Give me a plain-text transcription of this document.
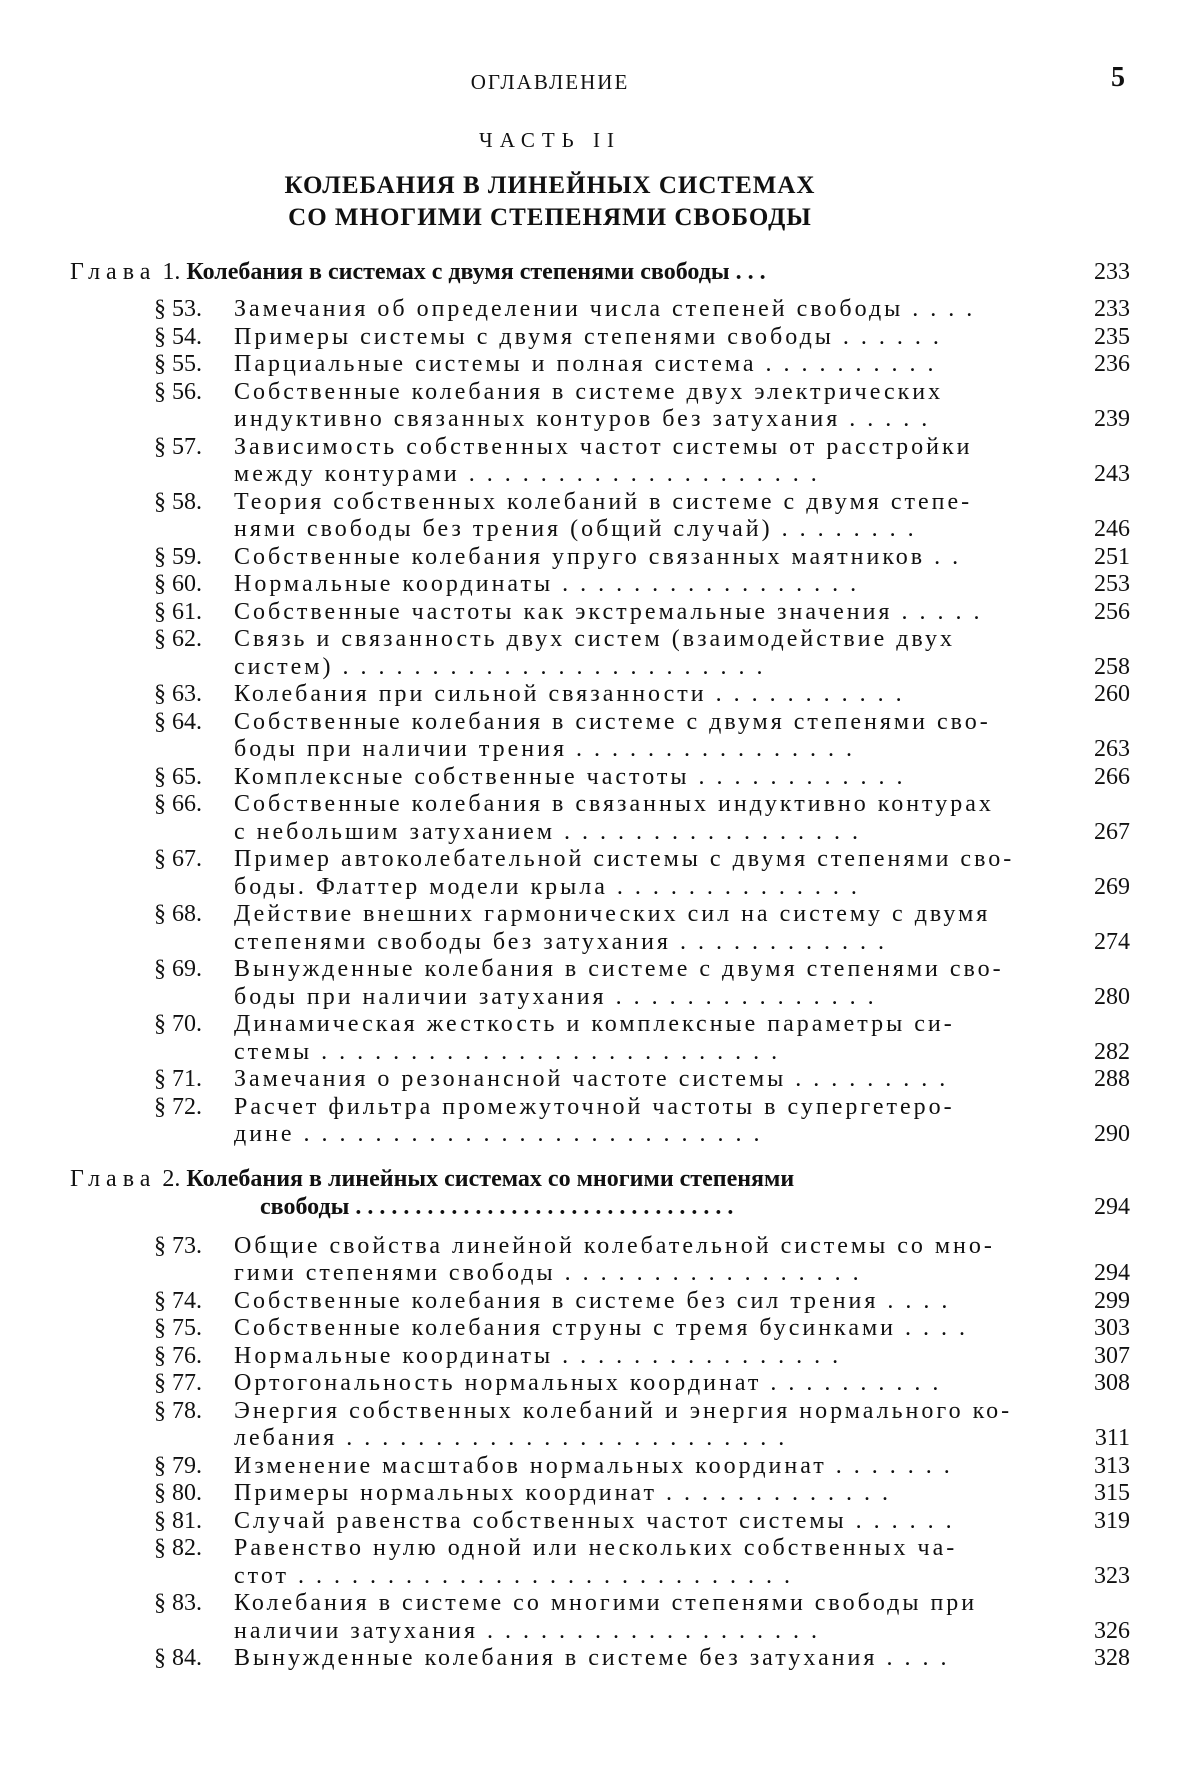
ОГЛАВЛЕНИЕ	5
ЧАСТЬ II
КОЛЕБАНИЯ В ЛИНЕЙНЫХ СИСТЕМАХ
СО МНОГИМИ СТЕПЕНЯМИ СВОБОДЫ
Глава 1. Колебания в системах с двумя степенями свободы . . .	233
§ 53.	Замечания об определении числа степеней свободы . . . .	233
§ 54.	Примеры системы с двумя степенями свободы . . . . . .	235
§ 55.	Парциальные системы и полная система . . . . . . . . . .	236
§ 56.	Собственные колебания в системе двух электрических
индуктивно связанных контуров без затухания . . . . .	239
§ 57.	Зависимость собственных частот системы от расстройки
между контурами . . . . . . . . . . . . . . . . . . . .	243
§ 58.	Теория собственных колебаний в системе с двумя степе-
нями свободы без трения (общий случай) . . . . . . . .	246
§ 59.	Собственные колебания упруго связанных маятников . .	251
§ 60.	Нормальные координаты . . . . . . . . . . . . . . . . .	253
§ 61.	Собственные частоты как экстремальные значения . . . . .	256
§ 62.	Связь и связанность двух систем (взаимодействие двух
систем) . . . . . . . . . . . . . . . . . . . . . . . .	258
§ 63.	Колебания при сильной связанности . . . . . . . . . . .	260
§ 64.	Собственные колебания в системе с двумя степенями сво-
боды при наличии трения . . . . . . . . . . . . . . . .	263
§ 65.	Комплексные собственные частоты . . . . . . . . . . . .	266
§ 66.	Собственные колебания в связанных индуктивно контурах
с небольшим затуханием . . . . . . . . . . . . . . . . .	267
§ 67.	Пример автоколебательной системы с двумя степенями сво-
боды. Флаттер модели крыла . . . . . . . . . . . . . .	269
§ 68.	Действие внешних гармонических сил на систему с двумя
степенями свободы без затухания . . . . . . . . . . . .	274
§ 69.	Вынужденные колебания в системе с двумя степенями сво-
боды при наличии затухания . . . . . . . . . . . . . . .	280
§ 70.	Динамическая жесткость и комплексные параметры си-
стемы . . . . . . . . . . . . . . . . . . . . . . . . . .	282
§ 71.	Замечания о резонансной частоте системы . . . . . . . . .	288
§ 72.	Расчет фильтра промежуточной частоты в супергетеро-
дине . . . . . . . . . . . . . . . . . . . . . . . . . .	290
Глава 2. Колебания в линейных системах со многими степенями
свободы . . . . . . . . . . . . . . . . . . . . . . . . . . . . . . . .	294
§ 73.	Общие свойства линейной колебательной системы со мно-
гими степенями свободы . . . . . . . . . . . . . . . . .	294
§ 74.	Собственные колебания в системе без сил трения . . . .	299
§ 75.	Собственные колебания струны с тремя бусинками . . . .	303
§ 76.	Нормальные координаты . . . . . . . . . . . . . . . .	307
§ 77.	Ортогональность нормальных координат . . . . . . . . . .	308
§ 78.	Энергия собственных колебаний и энергия нормального ко-
лебания . . . . . . . . . . . . . . . . . . . . . . . . .	311
§ 79.	Изменение масштабов нормальных координат . . . . . . .	313
§ 80.	Примеры нормальных координат . . . . . . . . . . . . .	315
§ 81.	Случай равенства собственных частот системы . . . . . .	319
§ 82.	Равенство нулю одной или нескольких собственных ча-
стот . . . . . . . . . . . . . . . . . . . . . . . . . . . .	323
§ 83.	Колебания в системе со многими степенями свободы при
наличии затухания . . . . . . . . . . . . . . . . . . .	326
§ 84.	Вынужденные колебания в системе без затухания . . . .	328
